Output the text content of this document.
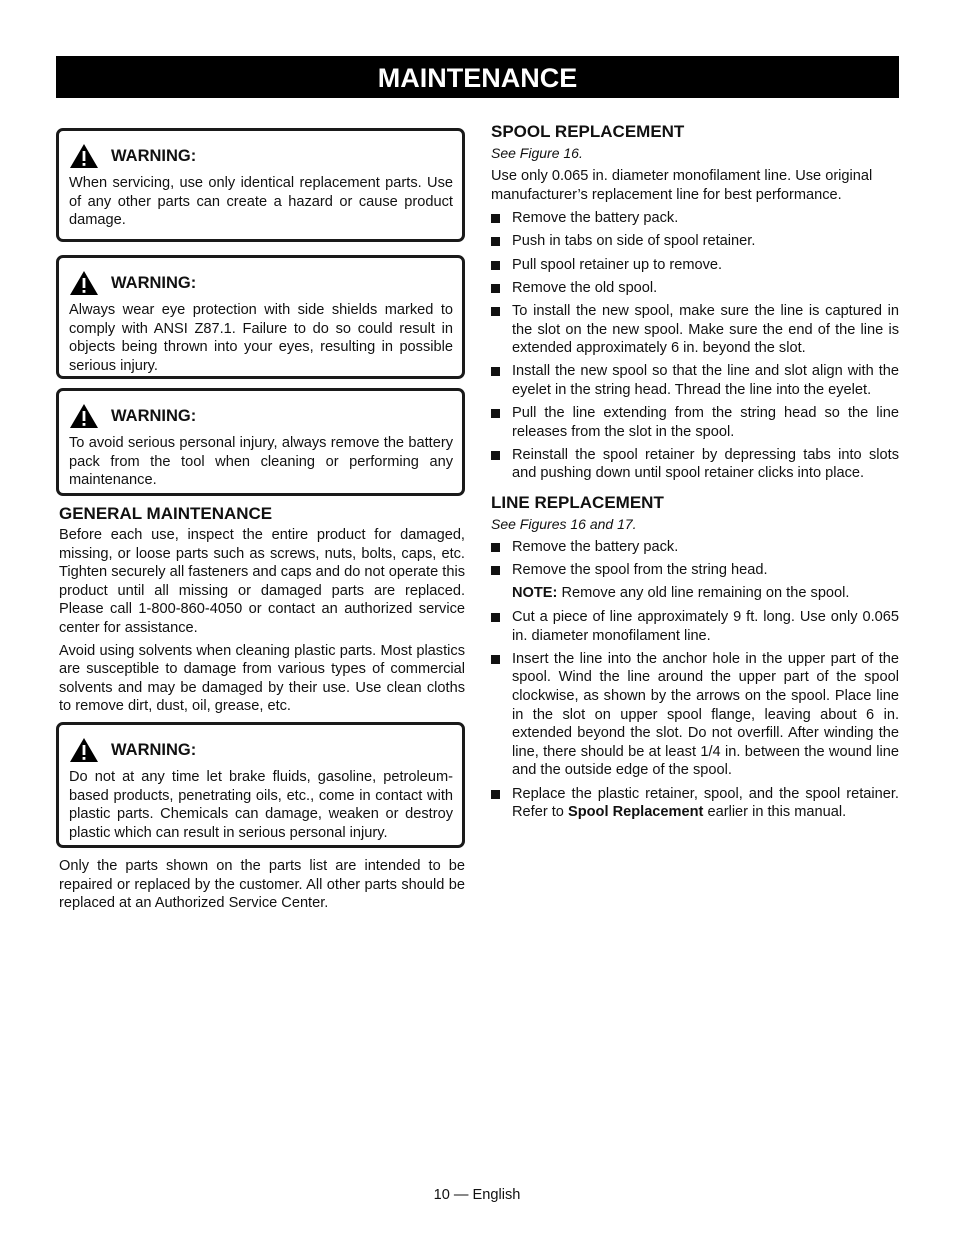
MAINTENANCE
WARNING:

When servicing, use only identical replacement parts. Use of any other parts can create a hazard or cause product damage.

WARNING:

Always wear eye protection with side shields marked to comply with ANSI Z87.1. Failure to do so could result in objects being thrown into your eyes, resulting in possible serious injury.

WARNING:

To avoid serious personal injury, always remove the battery pack from the tool when cleaning or performing any maintenance.

GENERAL MAINTENANCE

Before each use, inspect the entire product for damaged, missing, or loose parts such as screws, nuts, bolts, caps, etc. Tighten securely all fasteners and caps and do not operate this product until all missing or damaged parts are replaced. Please call 1-800-860-4050 or contact an authorized service center for assistance.

Avoid using solvents when cleaning plastic parts. Most plastics are susceptible to damage from various types of commercial solvents and may be damaged by their use. Use clean cloths to remove dirt, dust, oil, grease, etc.

WARNING:

Do not at any time let brake fluids, gasoline, petroleum-based products, penetrating oils, etc., come in contact with plastic parts. Chemicals can damage, weaken or destroy plastic which can result in serious personal injury.

Only the parts shown on the parts list are intended to be repaired or replaced by the customer. All other parts should be replaced at an Authorized Service Center.

SPOOL REPLACEMENT
See Figure 16.

Use only 0.065 in. diameter monofilament line. Use original manufacturer’s replacement line for best performance.

Remove the battery pack.
Push in tabs on side of spool retainer.
Pull spool retainer up to remove.
Remove the old spool.
To install the new spool, make sure the line is captured in the slot on the new spool. Make sure the end of the line is extended approximately 6 in. beyond the slot.
Install the new spool so that the line and slot align with the eyelet in the string head. Thread the line into the eyelet.
Pull the line extending from the string head so the line releases from the slot in the spool.
Reinstall the spool retainer by depressing tabs into slots and pushing down until spool retainer clicks into place.
LINE REPLACEMENT
See Figures 16 and 17.
Remove the battery pack.
Remove the spool from the string head.
NOTE: Remove any old line remaining on the spool.
Cut a piece of line approximately 9 ft. long. Use only 0.065 in. diameter monofilament line.
Insert the line into the anchor hole in the upper part of the spool. Wind the line around the upper part of the spool clockwise, as shown by the arrows on the spool. Place line in the slot on upper spool flange, leaving about 6 in. extended beyond the slot. Do not overfill. After winding the line, there should be at least 1/4 in. between the wound line and the outside edge of the spool.
Replace the plastic retainer, spool, and the spool retainer. Refer to Spool Replacement earlier in this manual.
10 — English
